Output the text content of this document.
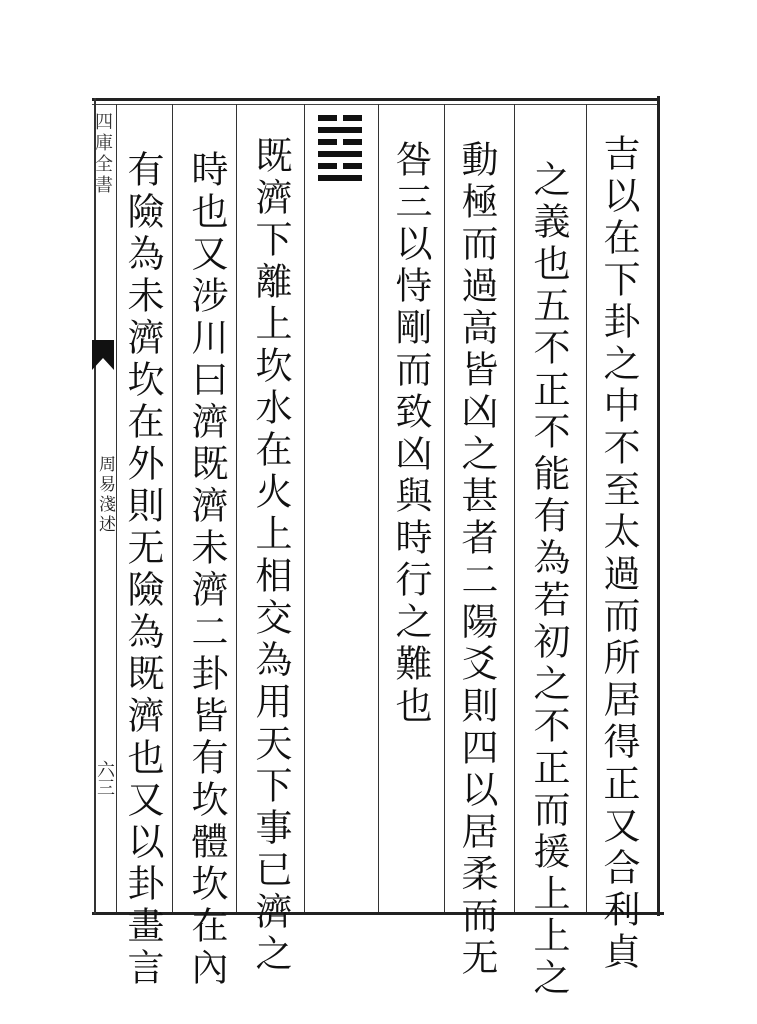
四庫全書
周易淺述
六三	吉以在下卦之中不至太過而所居得正又合利貞
之義也五不正不能有為若初之不正而援上上之
動極而過高皆凶之甚者二陽爻則四以居柔而无
咎三以恃剛而致凶與時行之難也
既濟下離上坎水在火上相交為用天下事已濟之
時也又涉川曰濟既濟未濟二卦皆有坎體坎在內
有險為未濟坎在外則无險為既濟也又以卦畫言
